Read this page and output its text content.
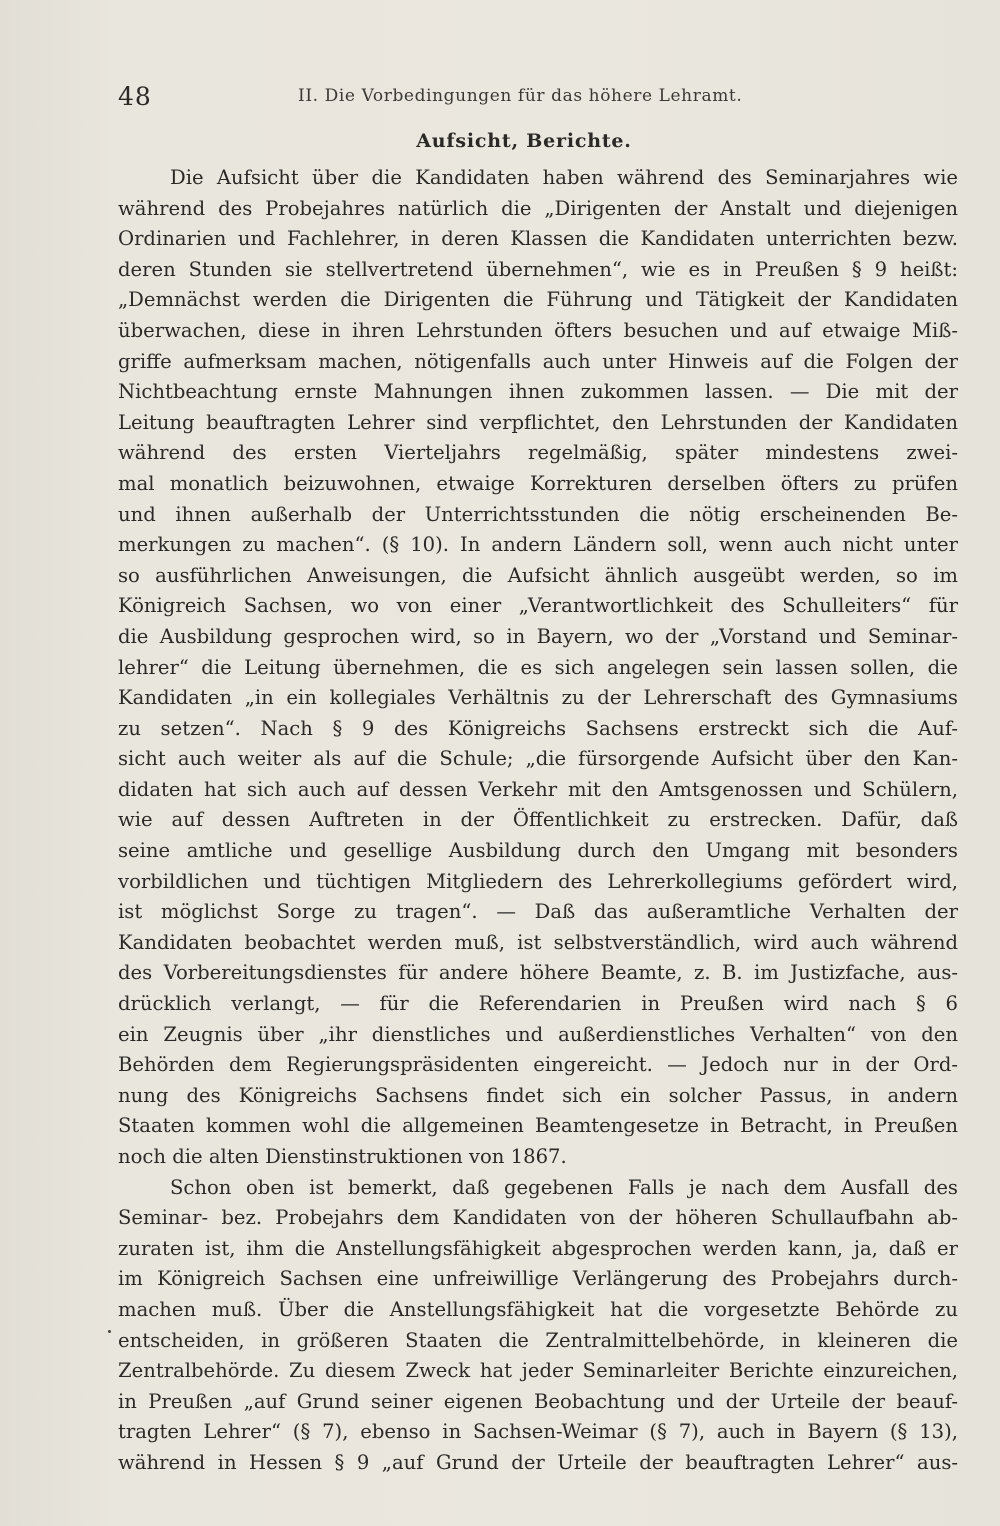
48	II. Die Vorbedingungen für das höhere Lehramt.
Aufsicht, Berichte.
Die Aufsicht über die Kandidaten haben während des Seminarjahres wie
während des Probejahres natürlich die „Dirigenten der Anstalt und diejenigen
Ordinarien und Fachlehrer, in deren Klassen die Kandidaten unterrichten bezw.
deren Stunden sie stellvertretend übernehmen“, wie es in Preußen § 9 heißt:
„Demnächst werden die Dirigenten die Führung und Tätigkeit der Kandidaten
überwachen, diese in ihren Lehrstunden öfters besuchen und auf etwaige Miß-
griffe aufmerksam machen, nötigenfalls auch unter Hinweis auf die Folgen der
Nichtbeachtung ernste Mahnungen ihnen zukommen lassen. — Die mit der
Leitung beauftragten Lehrer sind verpflichtet, den Lehrstunden der Kandidaten
während des ersten Vierteljahrs regelmäßig, später mindestens zwei-
mal monatlich beizuwohnen, etwaige Korrekturen derselben öfters zu prüfen
und ihnen außerhalb der Unterrichtsstunden die nötig erscheinenden Be-
merkungen zu machen“. (§ 10). In andern Ländern soll, wenn auch nicht unter
so ausführlichen Anweisungen, die Aufsicht ähnlich ausgeübt werden, so im
Königreich Sachsen, wo von einer „Verantwortlichkeit des Schulleiters“ für
die Ausbildung gesprochen wird, so in Bayern, wo der „Vorstand und Seminar-
lehrer“ die Leitung übernehmen, die es sich angelegen sein lassen sollen, die
Kandidaten „in ein kollegiales Verhältnis zu der Lehrerschaft des Gymnasiums
zu setzen“. Nach § 9 des Königreichs Sachsens erstreckt sich die Auf-
sicht auch weiter als auf die Schule; „die fürsorgende Aufsicht über den Kan-
didaten hat sich auch auf dessen Verkehr mit den Amtsgenossen und Schülern,
wie auf dessen Auftreten in der Öffentlichkeit zu erstrecken. Dafür, daß
seine amtliche und gesellige Ausbildung durch den Umgang mit besonders
vorbildlichen und tüchtigen Mitgliedern des Lehrerkollegiums gefördert wird,
ist möglichst Sorge zu tragen“. — Daß das außeramtliche Verhalten der
Kandidaten beobachtet werden muß, ist selbstverständlich, wird auch während
des Vorbereitungsdienstes für andere höhere Beamte, z. B. im Justizfache, aus-
drücklich verlangt, — für die Referendarien in Preußen wird nach § 6
ein Zeugnis über „ihr dienstliches und außerdienstliches Verhalten“ von den
Behörden dem Regierungspräsidenten eingereicht. — Jedoch nur in der Ord-
nung des Königreichs Sachsens findet sich ein solcher Passus, in andern
Staaten kommen wohl die allgemeinen Beamtengesetze in Betracht, in Preußen
noch die alten Dienstinstruktionen von 1867.
Schon oben ist bemerkt, daß gegebenen Falls je nach dem Ausfall des
Seminar- bez. Probejahrs dem Kandidaten von der höheren Schullaufbahn ab-
zuraten ist, ihm die Anstellungsfähigkeit abgesprochen werden kann, ja, daß er
im Königreich Sachsen eine unfreiwillige Verlängerung des Probejahrs durch-
machen muß. Über die Anstellungsfähigkeit hat die vorgesetzte Behörde zu
entscheiden, in größeren Staaten die Zentralmittelbehörde, in kleineren die
Zentralbehörde. Zu diesem Zweck hat jeder Seminarleiter Berichte einzureichen,
in Preußen „auf Grund seiner eigenen Beobachtung und der Urteile der beauf-
tragten Lehrer“ (§ 7), ebenso in Sachsen-Weimar (§ 7), auch in Bayern (§ 13),
während in Hessen § 9 „auf Grund der Urteile der beauftragten Lehrer“ aus-
